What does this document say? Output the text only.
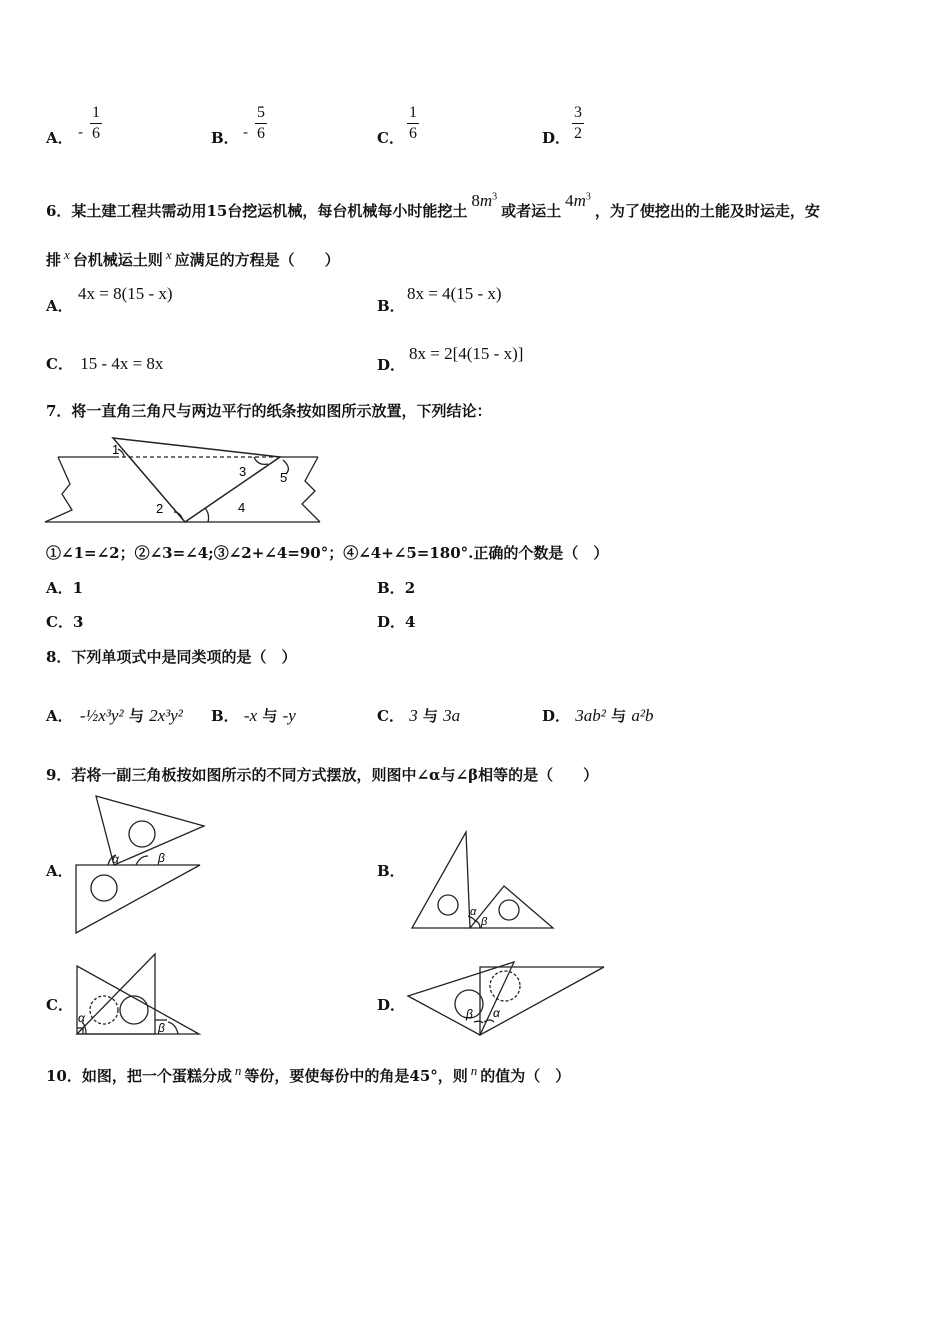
A． - $\frac{1}{6}$	B． - $\frac{5}{6}$	C． $\frac{1}{6}$	D． $\frac{3}{2}$
6．某土建工程共需动用15台挖运机械，每台机械每小时能挖土$8m^3$或者运土$4m^3$，为了使挖出的土能及时运走，安
排 x 台机械运土则 x 应满足的方程是（　　）
A．
4x = 8(15 - x)
B．
8x = 4(15 - x)
C． 15 - 4x = 8x	D．
8x = 2[4(15 - x)]
7．将一直角三角尺与两边平行的纸条按如图所示放置，下列结论：
1
2
3
4
5
①∠1=∠2；②∠3=∠4;③∠2+∠4=90°；④∠4+∠5=180°.正确的个数是（　）
A．1	B．2
C．3	D．4
8．下列单项式中是同类项的是（　）
A． -½x³y² 与 2x³y² B． -x 与 -y	C． 3 与 3a	D． 3ab² 与 a²b
9．若将一副三角板按如图所示的不同方式摆放，则图中∠α与∠β相等的是（　　）
A．
α	β
B．
α
β
C．
α
β
D．	β α
10．如图，把一个蛋糕分成 n 等份，要使每份中的角是45°，则 n 的值为（　）
